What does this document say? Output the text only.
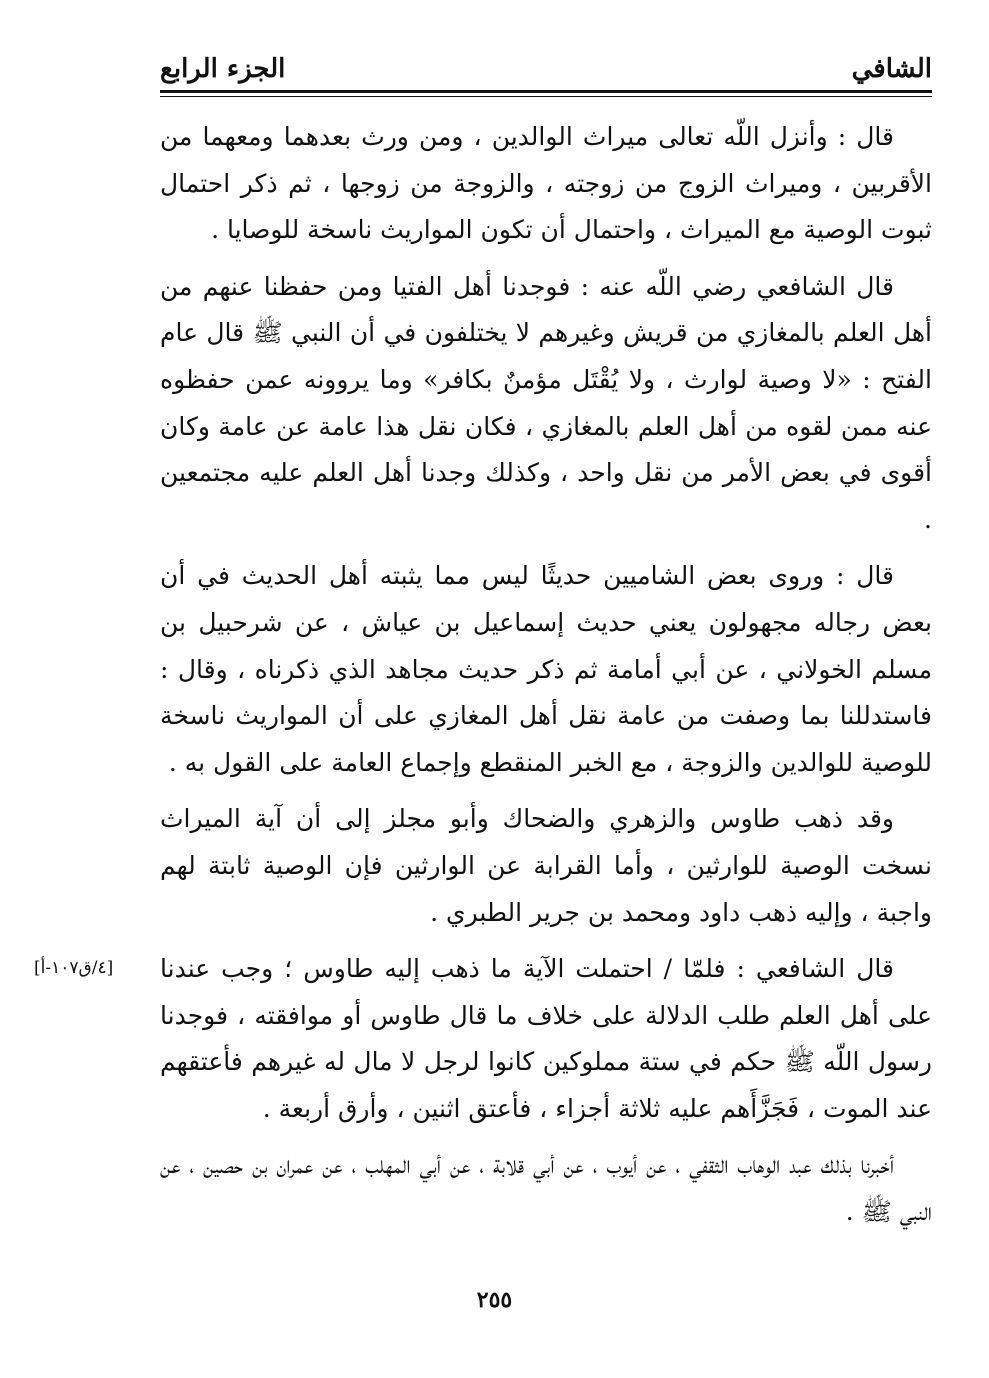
الشافي
الجزء الرابع

قال : وأنزل اللّه تعالى ميراث الوالدين ، ومن ورث بعدهما ومعهما من الأقربين ، وميراث الزوج من زوجته ، والزوجة من زوجها ، ثم ذكر احتمال ثبوت الوصية مع الميراث ، واحتمال أن تكون المواريث ناسخة للوصايا .

قال الشافعي رضي اللّه عنه : فوجدنا أهل الفتيا ومن حفظنا عنهم من أهل العلم بالمغازي من قريش وغيرهم لا يختلفون في أن النبي ﷺ قال عام الفتح : «لا وصية لوارث ، ولا يُقْتَل مؤمنٌ بكافر» وما يروونه عمن حفظوه عنه ممن لقوه من أهل العلم بالمغازي ، فكان نقل هذا عامة عن عامة وكان أقوى في بعض الأمر من نقل واحد ، وكذلك وجدنا أهل العلم عليه مجتمعين .

قال : وروى بعض الشاميين حديثًا ليس مما يثبته أهل الحديث في أن بعض رجاله مجهولون يعني حديث إسماعيل بن عياش ، عن شرحبيل بن مسلم الخولاني ، عن أبي أمامة ثم ذكر حديث مجاهد الذي ذكرناه ، وقال : فاستدللنا بما وصفت من عامة نقل أهل المغازي على أن المواريث ناسخة للوصية للوالدين والزوجة ، مع الخبر المنقطع وإجماع العامة على القول به .

وقد ذهب طاوس والزهري والضحاك وأبو مجلز إلى أن آية الميراث نسخت الوصية للوارثين ، وأما القرابة عن الوارثين فإن الوصية ثابتة لهم واجبة ، وإليه ذهب داود ومحمد بن جرير الطبري .

[٤/ق١٠٧-أ] قال الشافعي : فلمّا / احتملت الآية ما ذهب إليه طاوس ؛ وجب عندنا على أهل العلم طلب الدلالة على خلاف ما قال طاوس أو موافقته ، فوجدنا رسول اللّه ﷺ حكم في ستة مملوكين كانوا لرجل لا مال له غيرهم فأعتقهم عند الموت ، فَجَزَّأَهم عليه ثلاثة أجزاء ، فأعتق اثنين ، وأرق أربعة .

أخبرنا بذلك عبد الوهاب الثقفي ، عن أيوب ، عن أبي قلابة ، عن أبي المهلب ، عن عمران بن حصين ، عن النبي ﷺ .

٢٥٥
